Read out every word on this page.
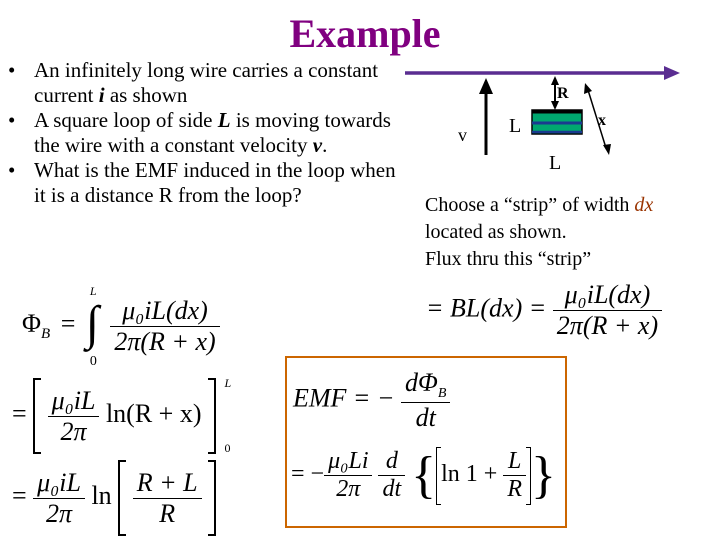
Example
• An infinitely long wire carries a constant current i as shown
• A square loop of side L is moving towards the wire with a constant velocity v.
• What is the EMF induced in the loop when it is a distance R from the loop?
R
x
L
L
v
Choose a “strip” of width dx
located as shown.
Flux thru this “strip”
= $BL(dx) = \frac{\text{μ₀iL(dx)}}{2\pi(R + x)}$
$\Phi_B$ =
L
∫
0

$\frac{\text{μ₀iL(dx)}}{2\pi(R + x)}$
= $\frac{\text{μ₀iL}}{2\pi} \ln(R + x)$
L
0
= $\frac{\text{μ₀iL}}{2\pi}$ $\ln \frac{R + L}{R}$

EMF = − $\frac{d\Phi_B}{dt}$
= − $\frac{\text{μ₀Li}}{2\pi}$
$\frac{d}{dt}$ { $\ln 1 + \frac{L}{R}$ }
